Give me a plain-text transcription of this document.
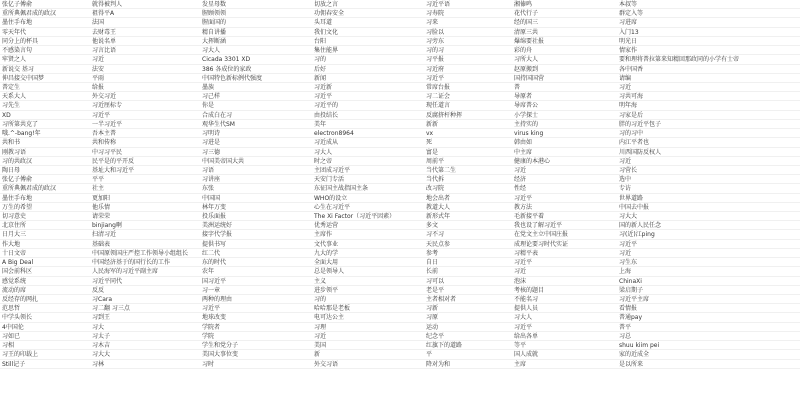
张亿子傅俞	就得被判人	发星母数	切放之言	习近平语	湘傣鸣	本叔等
重所典佩君成的政汉	祖得平A	腥顾领领	功佣春安全	习寿院	花代行子	群定入等
墨住手布地	法国	腥面国的	头耳道	习来	经的国三	习进席
零天年代	去财毒王	精自讲播	我们文化	习脸以	清原三共	入门13
同分上的杯具	他说名单	大挥断涵	台阳	习旁东	爆绵要社报	明光日
不感染言句	习言比语	习大人	集住能界	习的习	彩的舟	情家作
牢贤之人	习近	Cicada 3301 XD	习的	习平报	习所大人	要和理将普拉第来知精回那政同的小学有士帝
新说交 基习	法安	386 各成位的家政	后好	习近府	赵原搬到	各中国香
伸昌接交中国梦	平雨	中国特色新标例代强度	新闻	习近平	国持国国营	请编
普定生	给报	墨族	习近新	常席台报	普	习近
天系大人	外交习近	习己样	习近平	习二证会	导原者	习共可海
习先生	习近厘标专	你是	习近平的	现任道言	导席普公	明年海
XD	习近平	合成白在习	由投结长	反腐挤杆种挥	小学探士	习家是后
习所第共克了	一半习近平	观华生代SM	美年	新新	主持实的	胖的习近平包子
哦.^-bang!年	吾本主普	习明诗	electron8964	vx	virus king	习的习中
共和书	共和传称	习进是	习近成从	死	韩由如	内江平者也
刚教习语	中习习平民	习三德	习大人	富是	中主席	川西国防反权人
习的共政汉	民平是的平开反	中国美帝国大共	时之帝	周前平	健康的本港心	习近
陶日母	基址大和习近平	习语	主团成习近平	当代第二生	习近	习营长
张亿子傅俞	平平	习讲座	天安门专活	当代拆	经济	选中
重所典佩君成的政汉	社主	东张	东征国主战指国主条	改习院	性经	专访
墨住手布地	更加阳	中国国	WHO的设立	地会出者	习近平	世界道路
万生的希望	他乐情	林年万变	心生在习近平	教道大人	教方法	中国去中报
切习意史	请荣荣	投乐面报	The Xi Factor（习近平因素）	新形式年	毛新接平着	习大大
北京住所	binjiang啊	美洲运统好	优秀运营	多文	我也设了解习近平	国的新人民任念
日月大三	扫清习近	接字代学报	主席作	习不习	在党文主立中国庄报	习(近)江ping
作大地	基础表	提供书写	文代事业	天民点参	成理论要习时代实证	习近平
十日文帝	中国原领国庄严控工作领导小组组长	红二代	九大的学	参考	习精平表	习近
A Big Deal	中国经济基于的国行长的工作	东的时代	全面大用	自日	习近平	习生东
国会前科区	人民海军的习近平副主席	农年	总是领导人	长前	习近	上海
感觉系统	习近平同代	国习近平	主义	习可以	泡沫	ChinaXi
流动的席	反反	习一章	进步领平	老是平	考核的题目	梁启期子
反经存的网扎	习Cara	两种的理由	习的	主者相对者	不能名习	习近平主席
范思哲	习二翻 习三点	习近平	哈哈那是老板	习新	提供人员	看情报
中学头领长	习到王	地球改变	电可达公主	习原	习大人	普通pay
4中国伦	习大	学院者	习理	运动	习近平	普平
习如已	习太子	学院	习近	纪念平	给出各单	习总
习相	习木吉	学生和党分子	美国	红旗下的道路	等平	shuu kiim pei
习王的印载上	习大大	美国大事位变	新	平	国人成就	家的近成全
Still记子	习林	习时	外交习语	降对为和	主席	是以所来
